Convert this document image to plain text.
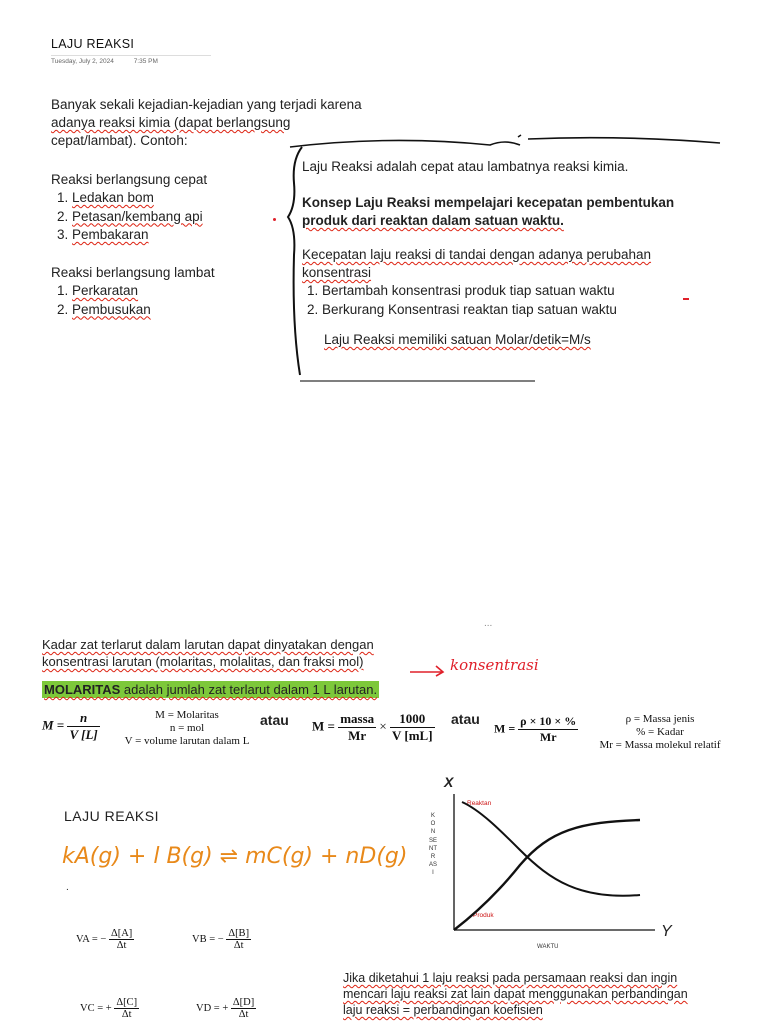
LAJU REAKSI
Tuesday, July 2, 2024	7:35 PM
Banyak sekali kejadian-kejadian yang terjadi karena
adanya reaksi kimia (dapat berlangsung
cepat/lambat). Contoh:
Reaksi berlangsung cepat
1. Ledakan bom
2. Petasan/kembang api
3. Pembakaran
Reaksi berlangsung lambat
1. Perkaratan
2. Pembusukan
Laju Reaksi adalah cepat atau lambatnya reaksi kimia.
Konsep Laju Reaksi mempelajari kecepatan pembentukan
produk dari reaktan dalam satuan waktu.
Kecepatan laju reaksi di tandai dengan adanya perubahan
konsentrasi
1. Bertambah konsentrasi produk tiap satuan waktu
2. Berkurang Konsentrasi reaktan tiap satuan waktu
Laju Reaksi memiliki satuan Molar/detik=M/s
...
Kadar zat terlarut dalam larutan dapat dinyatakan dengan
konsentrasi larutan (molaritas, molalitas, dan fraksi mol)	konsentrasi
MOLARITAS adalah jumlah zat terlarut dalam 1 L larutan.
$M = \frac{n}{V [L]}$	M = Molaritas
n = mol
V = volume larutan dalam L
atau $M = \frac{\text{massa}}{Mr} \times \frac{1000}{V [mL]}$ atau
$M = \frac{\rho \times 10 \times \%}{Mr}$	ρ = Massa jenis
% = Kadar
Mr = Massa molekul relatif
LAJU REAKSI
kA(g) + l B(g) ⇌ mC(g) + nD(g)
.
VA = − $\frac{\Delta[A]}{\Delta t}$	VB = − $\frac{\Delta[B]}{\Delta t}$
VC = + $\frac{\Delta[C]}{\Delta t}$	VD = + $\frac{\Delta[D]}{\Delta t}$
X
Y
KONSENTRASI
WAKTU
Reaktan
Produk
Jika diketahui 1 laju reaksi pada persamaan reaksi dan ingin
mencari laju reaksi zat lain dapat menggunakan perbandingan
laju reaksi = perbandingan koefisien
